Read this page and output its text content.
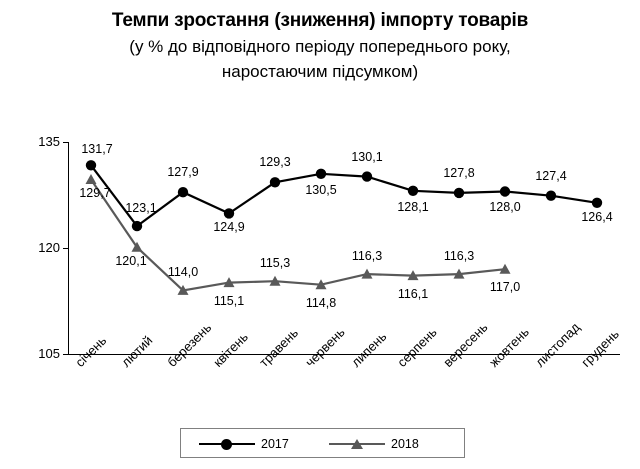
Темпи зростання (зниження) імпорту товарів
(у % до відповідного періоду попереднього року,
наростаючим підсумком)
105
120
135
131,7
123,1
127,9
124,9
129,3
130,5
130,1
128,1
127,8
128,0
127,4
126,4
129,7
120,1
114,0
115,1
115,3
114,8
116,3
116,1
116,3
117,0
січень лютий березень
квітень травень червень липень серпень вересень
жовтень листопад
грудень
2017	2018
